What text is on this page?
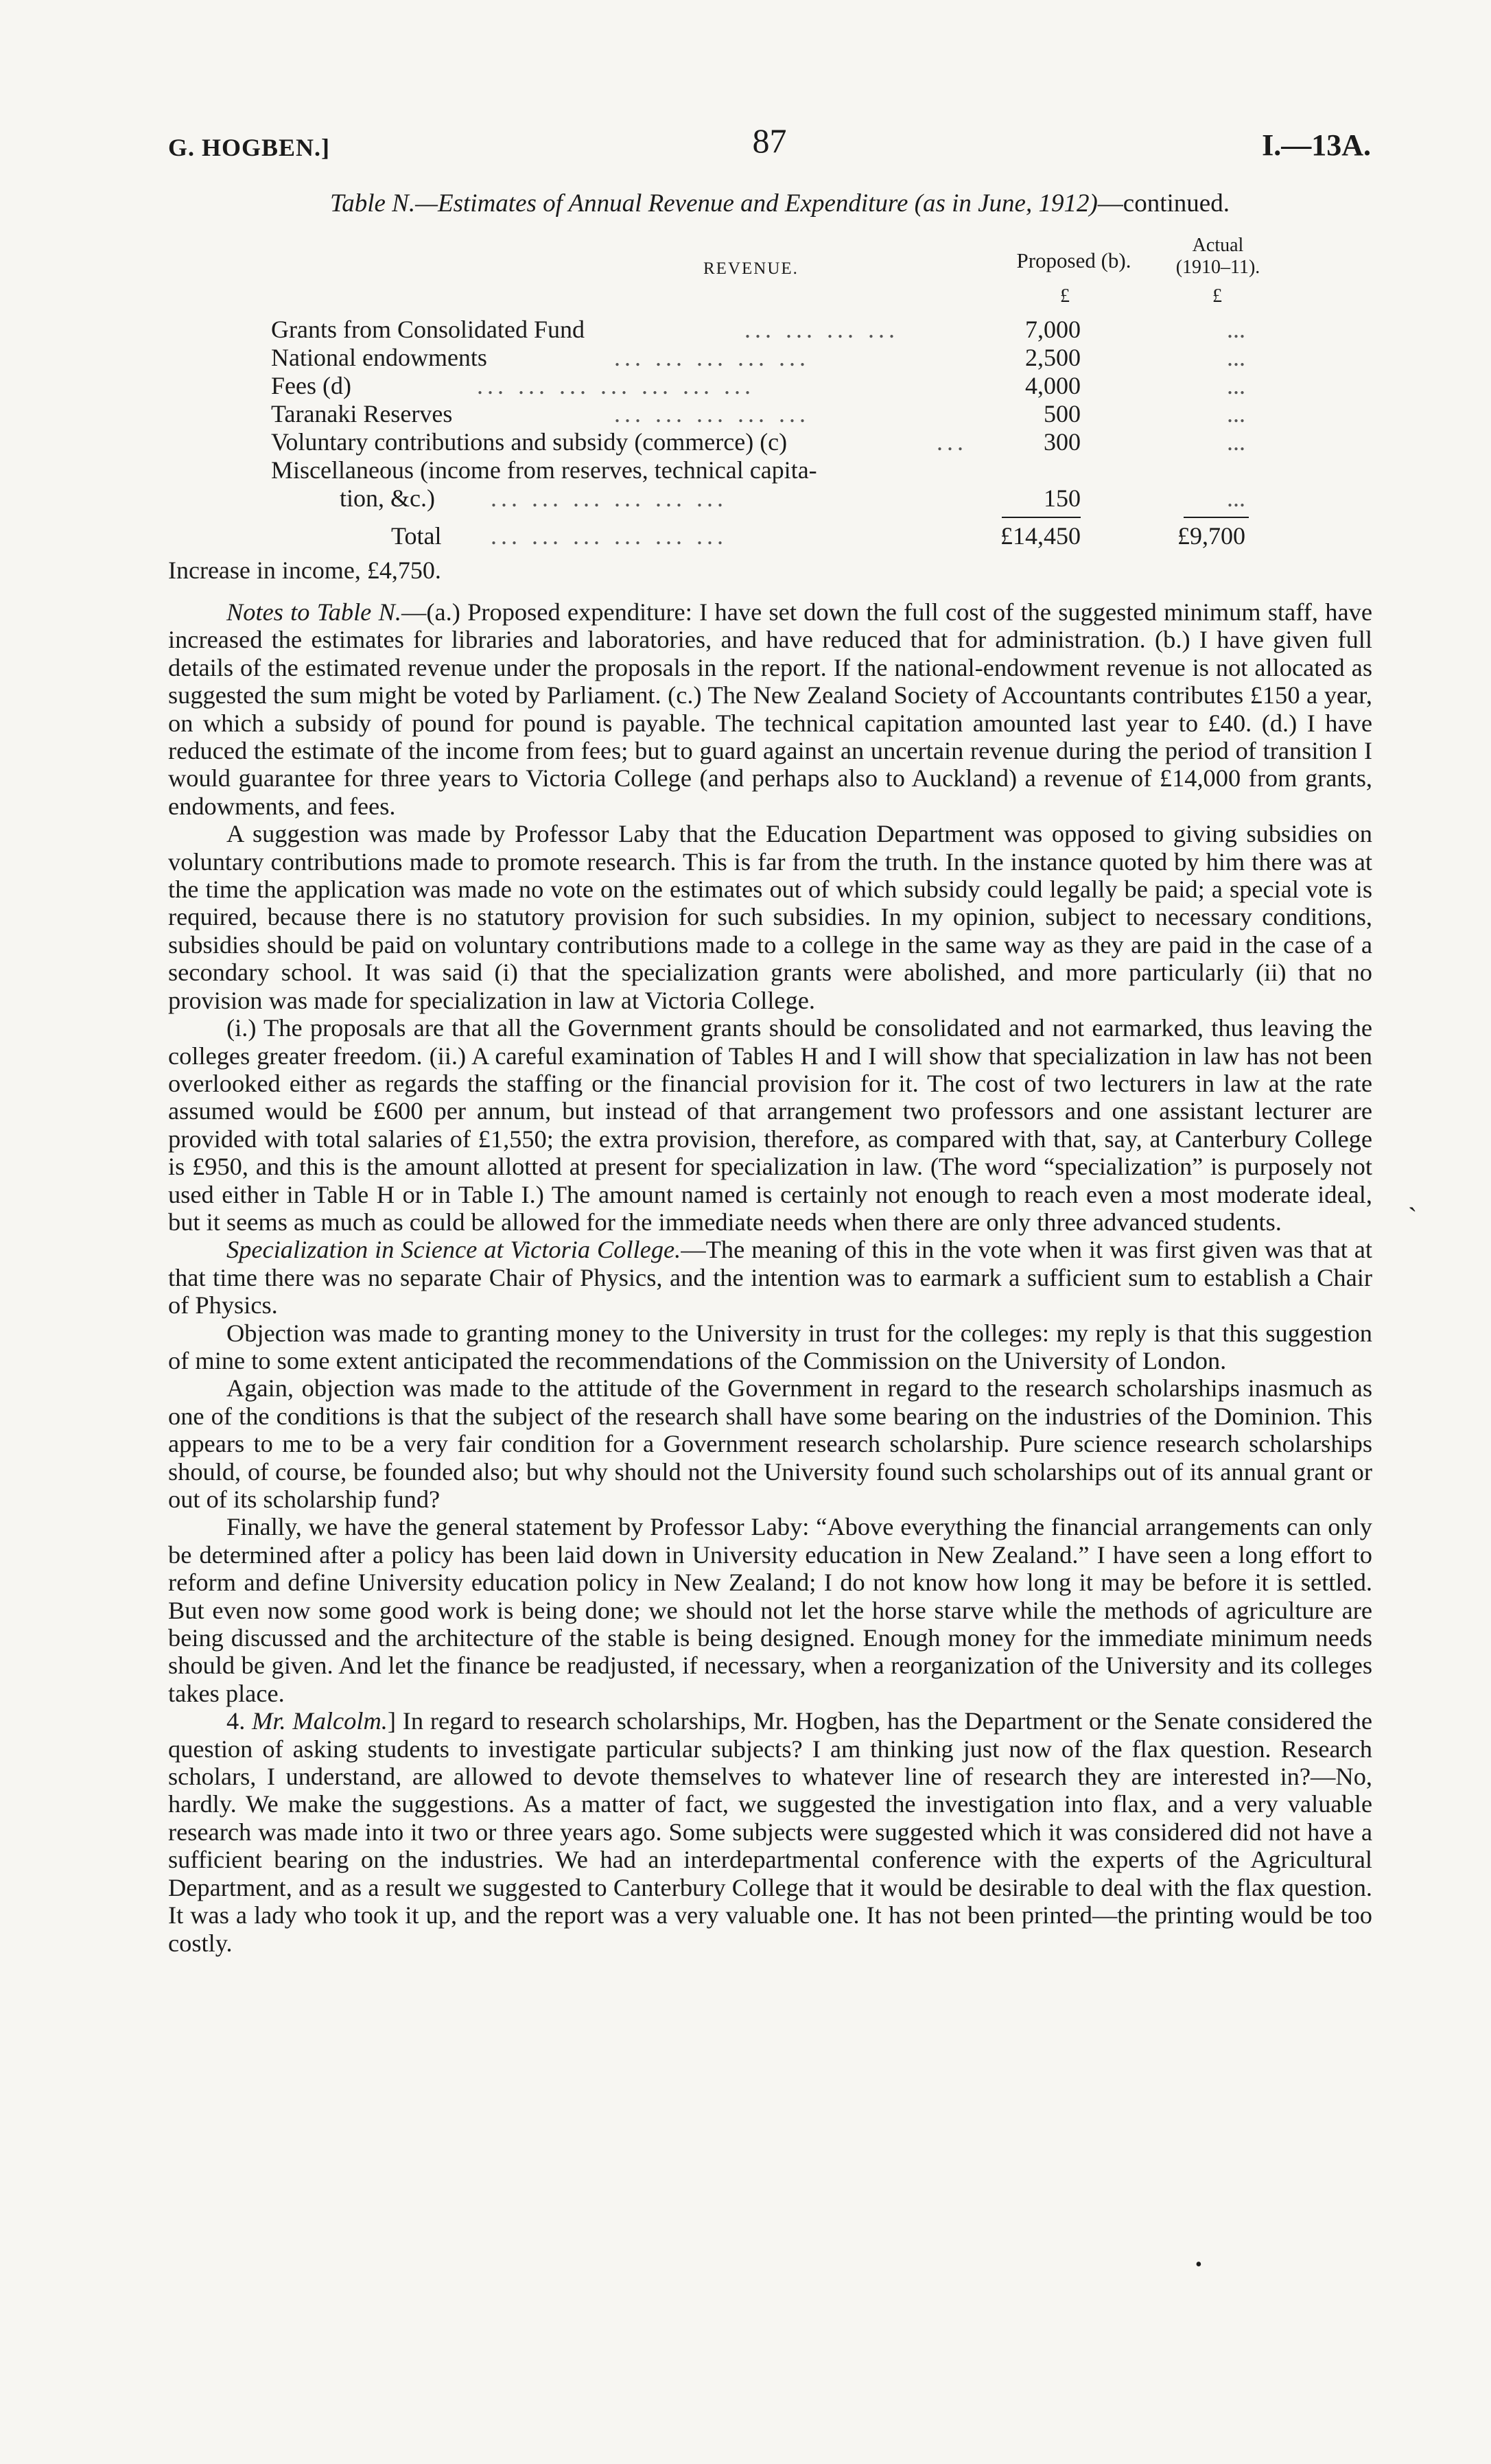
G. HOGBEN.]	87	I.—13A.
Table N.—Estimates of Annual Revenue and Expenditure (as in June, 1912)—continued.
REVENUE.	Proposed (b).
Actual
(1910–11).
£	£
Grants from Consolidated Fund	... ... ... ...	7,000	...
National endowments	... ... ... ... ...	2,500	...
Fees (d)	... ... ... ... ... ... ...	4,000	...
Taranaki Reserves	... ... ... ... ...	500	...
Voluntary contributions and subsidy (commerce) (c)	...	300	...
Miscellaneous (income from reserves, technical capita-
tion, &c.) ... ... ... ... ... ...	150	...
Total ... ... ... ... ... ...	£14,450	£9,700
Increase in income, £4,750.

Notes to Table N.—(a.) Proposed expenditure: I have set down the full cost of the suggested minimum staff, have increased the estimates for libraries and laboratories, and have reduced that for administration. (b.) I have given full details of the estimated revenue under the proposals in the report. If the national-endowment revenue is not allocated as suggested the sum might be voted by Parliament. (c.) The New Zealand Society of Accountants contributes £150 a year, on which a subsidy of pound for pound is payable. The technical capitation amounted last year to £40. (d.) I have reduced the estimate of the income from fees; but to guard against an uncertain revenue during the period of transition I would guarantee for three years to Victoria College (and perhaps also to Auckland) a revenue of £14,000 from grants, endowments, and fees.

A suggestion was made by Professor Laby that the Education Department was opposed to giving subsidies on voluntary contributions made to promote research. This is far from the truth. In the instance quoted by him there was at the time the application was made no vote on the estimates out of which subsidy could legally be paid; a special vote is required, because there is no statutory provision for such subsidies. In my opinion, subject to necessary conditions, subsidies should be paid on voluntary contributions made to a college in the same way as they are paid in the case of a secondary school. It was said (i) that the specialization grants were abolished, and more particularly (ii) that no provision was made for specialization in law at Victoria College.

(i.) The proposals are that all the Government grants should be consolidated and not earmarked, thus leaving the colleges greater freedom. (ii.) A careful examination of Tables H and I will show that specialization in law has not been overlooked either as regards the staffing or the financial provision for it. The cost of two lecturers in law at the rate assumed would be £600 per annum, but instead of that arrangement two professors and one assistant lecturer are provided with total salaries of £1,550; the extra provision, therefore, as compared with that, say, at Canterbury College is £950, and this is the amount allotted at present for specialization in law. (The word “specialization” is purposely not used either in Table H or in Table I.) The amount named is certainly not enough to reach even a most moderate ideal, but it seems as much as could be allowed for the immediate needs when there are only three advanced students.

Specialization in Science at Victoria College.—The meaning of this in the vote when it was first given was that at that time there was no separate Chair of Physics, and the intention was to earmark a sufficient sum to establish a Chair of Physics.

Objection was made to granting money to the University in trust for the colleges: my reply is that this suggestion of mine to some extent anticipated the recommendations of the Commission on the University of London.

Again, objection was made to the attitude of the Government in regard to the research scholarships inasmuch as one of the conditions is that the subject of the research shall have some bearing on the industries of the Dominion. This appears to me to be a very fair condition for a Government research scholarship. Pure science research scholarships should, of course, be founded also; but why should not the University found such scholarships out of its annual grant or out of its scholarship fund?

Finally, we have the general statement by Professor Laby: “Above everything the financial arrangements can only be determined after a policy has been laid down in University education in New Zealand.” I have seen a long effort to reform and define University education policy in New Zealand; I do not know how long it may be before it is settled. But even now some good work is being done; we should not let the horse starve while the methods of agriculture are being discussed and the architecture of the stable is being designed. Enough money for the immediate minimum needs should be given. And let the finance be readjusted, if necessary, when a reorganization of the University and its colleges takes place.

4. Mr. Malcolm.] In regard to research scholarships, Mr. Hogben, has the Department or the Senate considered the question of asking students to investigate particular subjects? I am thinking just now of the flax question. Research scholars, I understand, are allowed to devote themselves to whatever line of research they are interested in?—No, hardly. We make the suggestions. As a matter of fact, we suggested the investigation into flax, and a very valuable research was made into it two or three years ago. Some subjects were suggested which it was considered did not have a sufficient bearing on the industries. We had an interdepartmental conference with the experts of the Agricultural Department, and as a result we suggested to Canterbury College that it would be desirable to deal with the flax question. It was a lady who took it up, and the report was a very valuable one. It has not been printed—the printing would be too costly.

ˏ
•
